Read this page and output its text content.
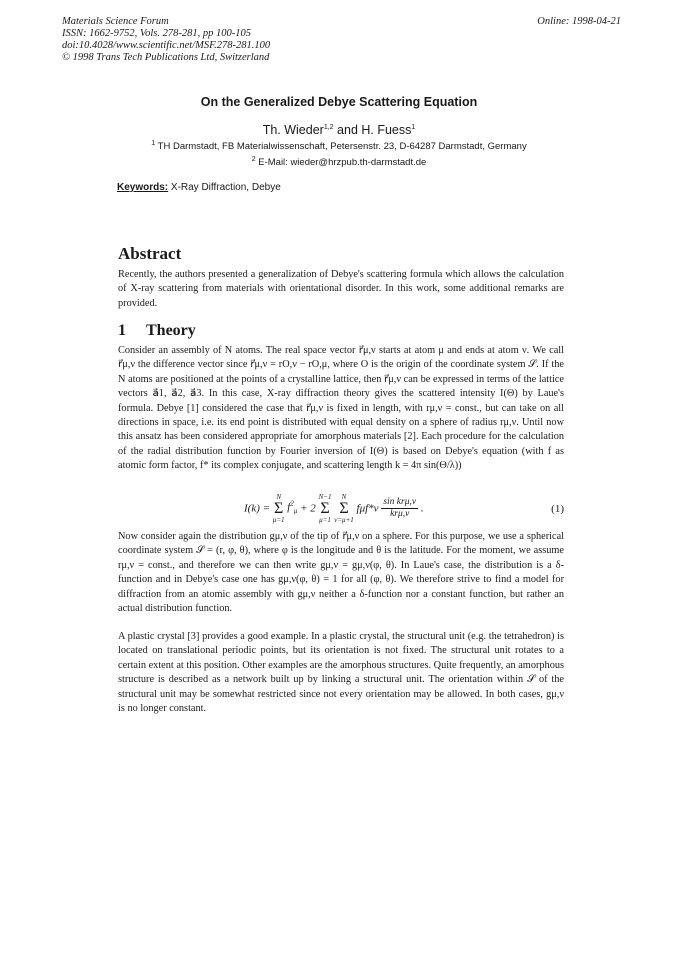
Materials Science Forum
ISSN: 1662-9752, Vols. 278-281, pp 100-105
doi:10.4028/www.scientific.net/MSF.278-281.100
© 1998 Trans Tech Publications Ltd, Switzerland
Online: 1998-04-21
On the Generalized Debye Scattering Equation
Th. Wieder$^{1,2}$ and H. Fuess$^1$
$^1$ TH Darmstadt, FB Materialwissenschaft, Petersenstr. 23, D-64287 Darmstadt, Germany
$^2$ E-Mail: wieder@hrzpub.th-darmstadt.de
Keywords: X-Ray Diffraction, Debye
Abstract
Recently, the authors presented a generalization of Debye's scattering formula which allows the calculation of X-ray scattering from materials with orientational disorder. In this work, some additional remarks are provided.
1 Theory
Consider an assembly of N atoms. The real space vector r⃗μ,ν starts at atom μ and ends at atom ν. We call r⃗μ,ν the difference vector since r⃗μ,ν = rO,ν − rO,μ, where O is the origin of the coordinate system 𝒮. If the N atoms are positioned at the points of a crystalline lattice, then r⃗μ,ν can be expressed in terms of the lattice vectors a⃗1, a⃗2, a⃗3. In this case, X-ray diffraction theory gives the scattered intensity I(Θ) by Laue's formula. Debye [1] considered the case that r⃗μ,ν is fixed in length, with rμ,ν = const., but can take on all directions in space, i.e. its end point is distributed with equal density on a sphere of radius rμ,ν. Until now this ansatz has been considered appropriate for amorphous materials [2]. Each procedure for the calculation of the radial distribution function by Fourier inversion of I(Θ) is based on Debye's equation (with f as atomic form factor, f* its complex conjugate, and scattering length k = 4π sin(Θ/λ))
I(k) =
N
Σ
μ=1
$f^2_\mu + 2$
N−1
Σ
μ=1

N
Σ
ν=μ+1
$f\mu f*\nu \frac{\text{sin krμ,ν}}{\text{krμ,ν}}$ .	(1)
Now consider again the distribution gμ,ν of the tip of r⃗μ,ν on a sphere. For this purpose, we use a spherical coordinate system 𝒮 = (r, φ, θ), where φ is the longitude and θ is the latitude. For the moment, we assume rμ,ν = const., and therefore we can then write gμ,ν = gμ,ν(φ, θ). In Laue's case, the distribution is a δ-function and in Debye's case one has gμ,ν(φ, θ) = 1 for all (φ, θ). We therefore strive to find a model for diffraction from an atomic assembly with gμ,ν neither a δ-function nor a constant function, but rather an actual distribution function.
A plastic crystal [3] provides a good example. In a plastic crystal, the structural unit (e.g. the tetrahedron) is located on translational periodic points, but its orientation is not fixed. The structural unit rotates to a certain extent at this position. Other examples are the amorphous structures. Quite frequently, an amorphous structure is described as a network built up by linking a structural unit. The orientation within 𝒮 of the structural unit may be somewhat restricted since not every orientation may be allowed. In both cases, gμ,ν is no longer constant.
